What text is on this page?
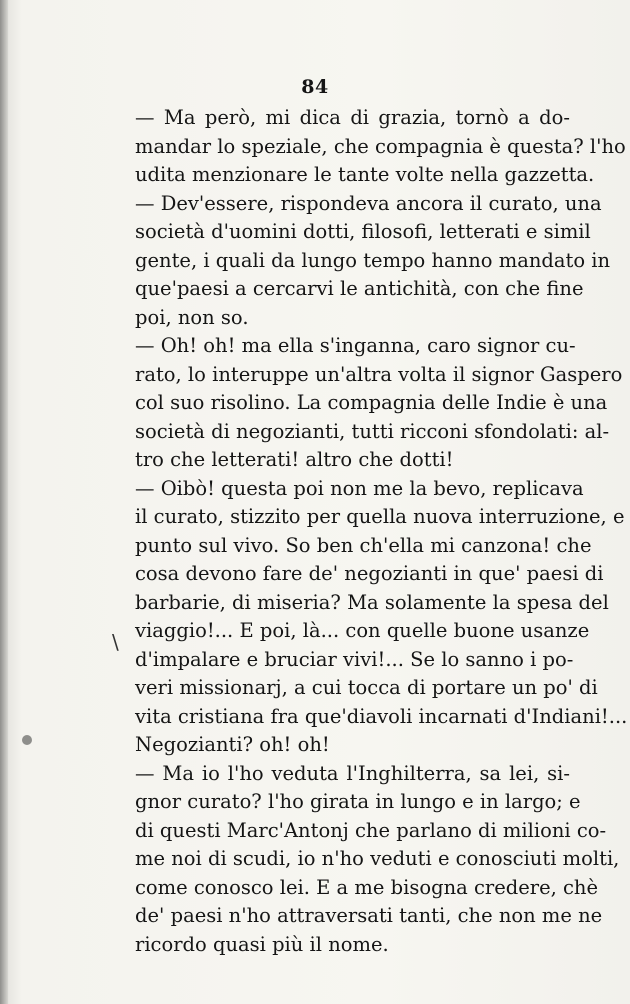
84
— Ma però, mi dica di grazia, tornò a do-
mandar lo speziale, che compagnia è questa? l'ho
udita menzionare le tante volte nella gazzetta.
— Dev'essere, rispondeva ancora il curato, una
società d'uomini dotti, filosofi, letterati e simil
gente, i quali da lungo tempo hanno mandato in
que'paesi a cercarvi le antichità, con che fine
poi, non so.
— Oh! oh! ma ella s'inganna, caro signor cu-
rato, lo interuppe un'altra volta il signor Gaspero
col suo risolino. La compagnia delle Indie è una
società di negozianti, tutti ricconi sfondolati: al-
tro che letterati! altro che dotti!
— Oibò! questa poi non me la bevo, replicava
il curato, stizzito per quella nuova interruzione, e
punto sul vivo. So ben ch'ella mi canzona! che
cosa devono fare de' negozianti in que' paesi di
barbarie, di miseria? Ma solamente la spesa del
viaggio!... E poi, là... con quelle buone usanze
d'impalare e bruciar vivi!... Se lo sanno i po-
veri missionarj, a cui tocca di portare un po' di
vita cristiana fra que'diavoli incarnati d'Indiani!...
Negozianti? oh! oh!
— Ma io l'ho veduta l'Inghilterra, sa lei, si-
gnor curato? l'ho girata in lungo e in largo; e
di questi Marc'Antonj che parlano di milioni co-
me noi di scudi, io n'ho veduti e conosciuti molti,
come conosco lei. E a me bisogna credere, chè
de' paesi n'ho attraversati tanti, che non me ne
ricordo quasi più il nome.
\
